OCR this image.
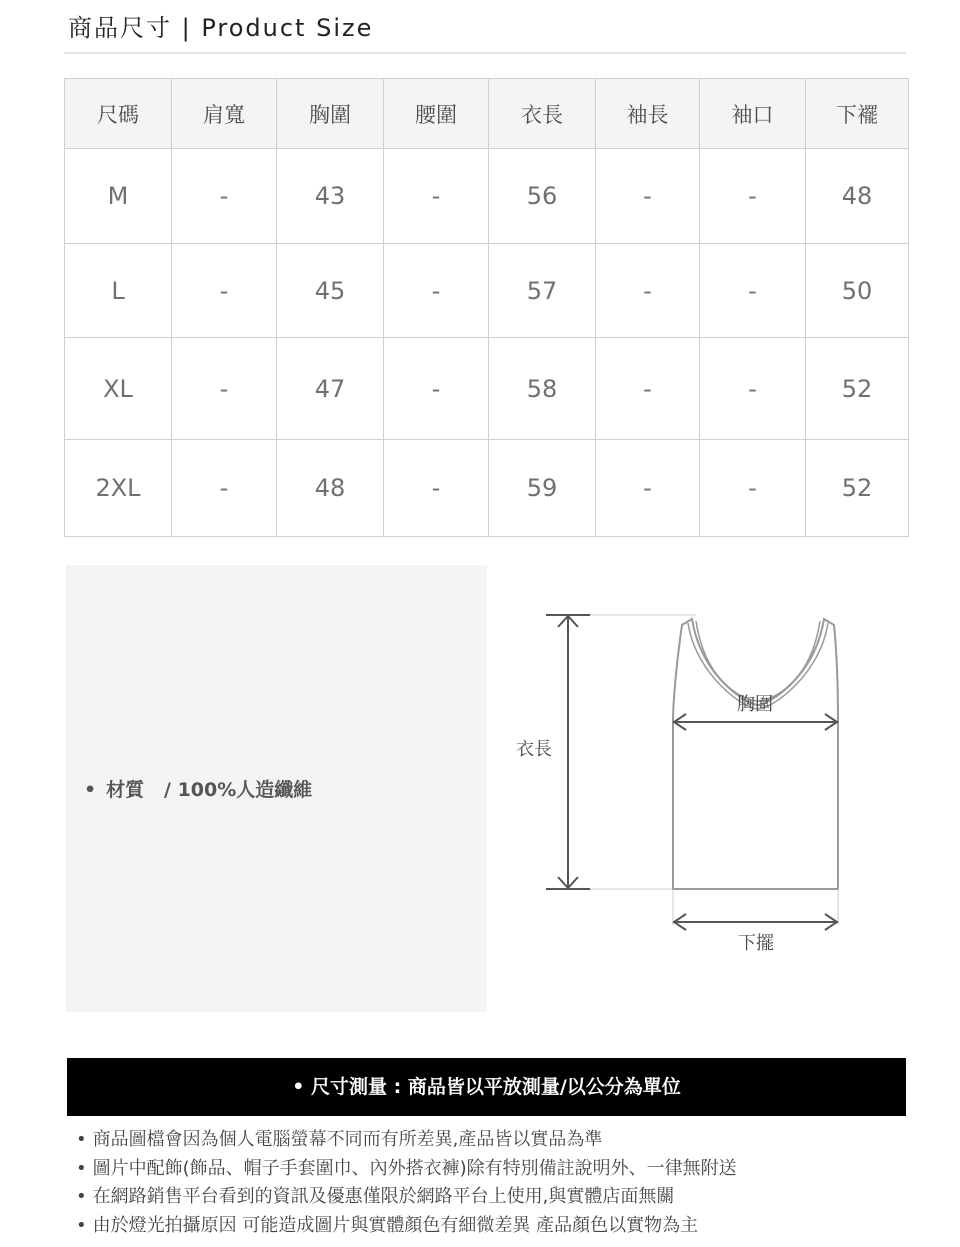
商品尺寸 | Product Size
尺碼	肩寬	胸圍	腰圍	衣長	袖長	袖口	下襬
M	-	43	-	56	-	-	48
L	-	45	-	57	-	-	50
XL	-	47	-	58	-	-	52
2XL	-	48	-	59	-	-	52
• 材質 / 100%人造纖維
衣長
胸圍
下擺
• 尺寸測量 : 商品皆以平放測量/以公分為單位
• 商品圖檔會因為個人電腦螢幕不同而有所差異,產品皆以實品為準
• 圖片中配飾(飾品、帽子手套圍巾、內外搭衣褲)除有特別備註說明外、一律無附送
• 在網路銷售平台看到的資訊及優惠僅限於網路平台上使用,與實體店面無關
• 由於燈光拍攝原因 可能造成圖片與實體顏色有細微差異 產品顏色以實物為主
